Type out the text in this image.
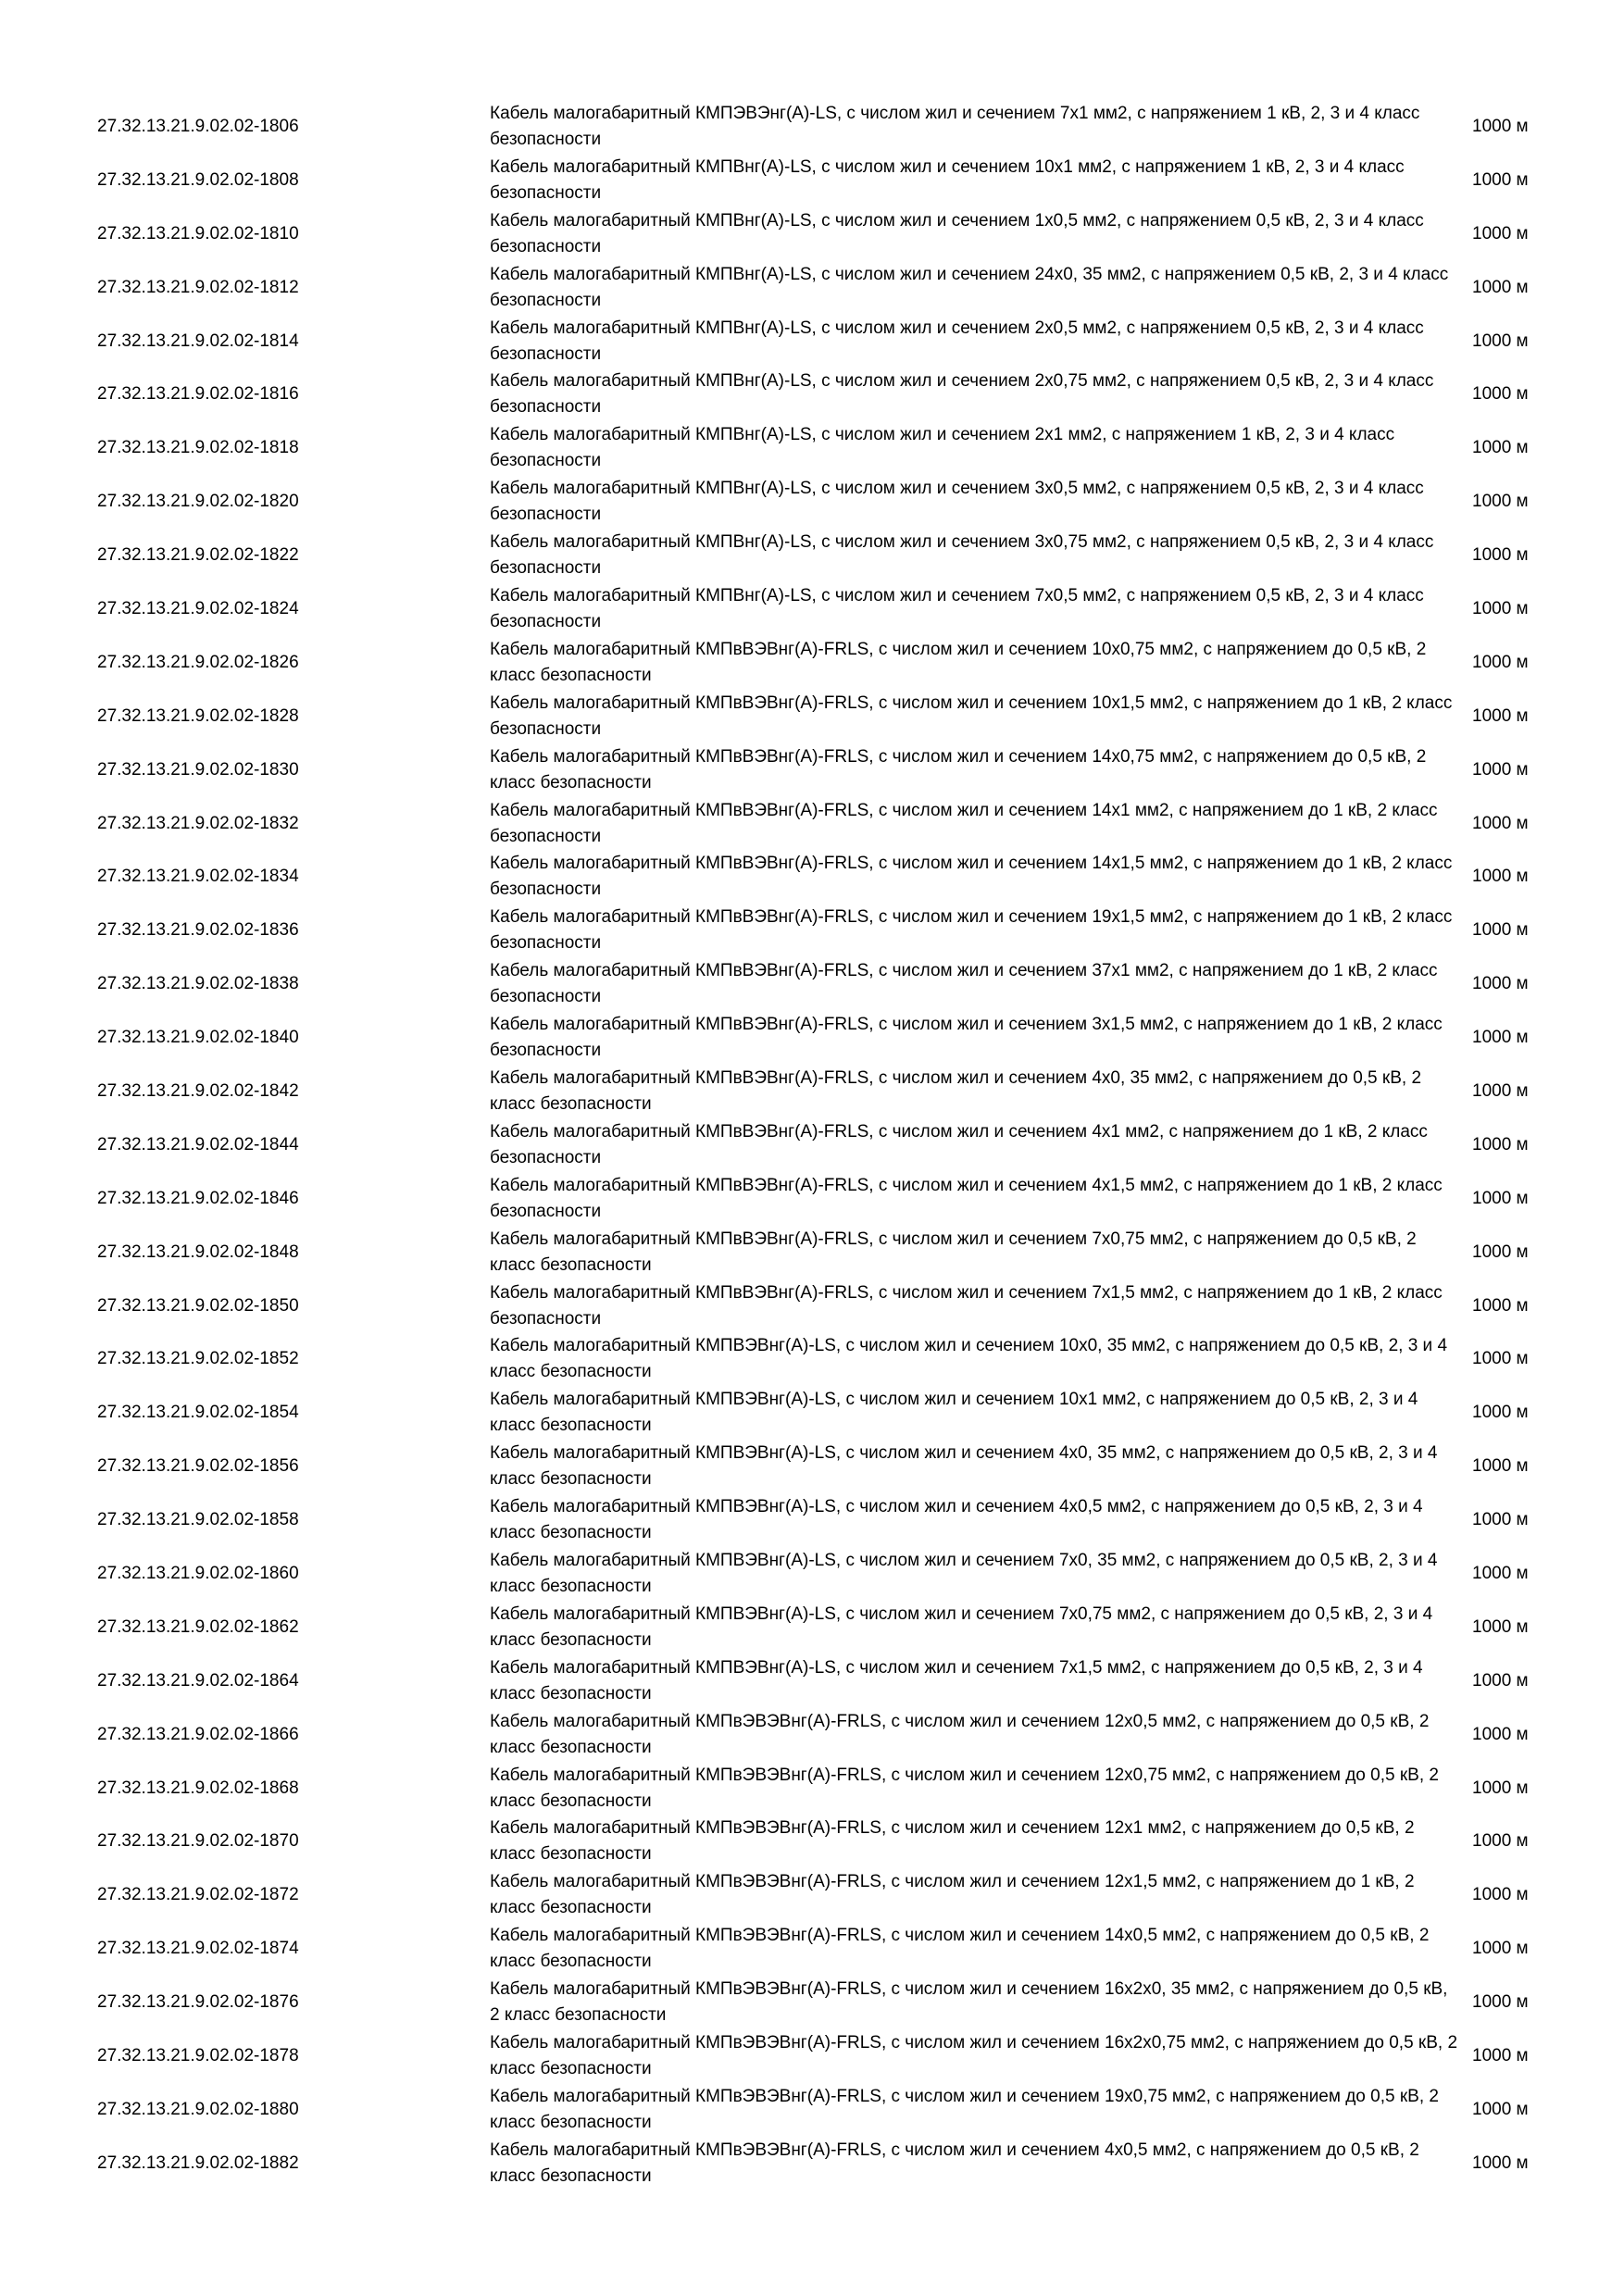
27.32.13.21.9.02.02-1806	Кабель малогабаритный КМПЭВЭнг(А)-LS, с числом жил и сечением 7х1 мм2, с напряжением 1 кВ, 2, 3 и 4 класс безопасности	1000 м
27.32.13.21.9.02.02-1808	Кабель малогабаритный КМПВнг(А)-LS, с числом жил и сечением 10х1 мм2, с напряжением 1 кВ, 2, 3 и 4 класс безопасности	1000 м
27.32.13.21.9.02.02-1810	Кабель малогабаритный КМПВнг(А)-LS, с числом жил и сечением 1х0,5 мм2, с напряжением 0,5 кВ, 2, 3 и 4 класс безопасности	1000 м
27.32.13.21.9.02.02-1812	Кабель малогабаритный КМПВнг(А)-LS, с числом жил и сечением 24х0, 35 мм2, с напряжением 0,5 кВ, 2, 3 и 4 класс безопасности	1000 м
27.32.13.21.9.02.02-1814	Кабель малогабаритный КМПВнг(А)-LS, с числом жил и сечением 2х0,5 мм2, с напряжением 0,5 кВ, 2, 3 и 4 класс безопасности	1000 м
27.32.13.21.9.02.02-1816	Кабель малогабаритный КМПВнг(А)-LS, с числом жил и сечением 2х0,75 мм2, с напряжением 0,5 кВ, 2, 3 и 4 класс безопасности	1000 м
27.32.13.21.9.02.02-1818	Кабель малогабаритный КМПВнг(А)-LS, с числом жил и сечением 2х1 мм2, с напряжением 1 кВ, 2, 3 и 4 класс безопасности	1000 м
27.32.13.21.9.02.02-1820	Кабель малогабаритный КМПВнг(А)-LS, с числом жил и сечением 3х0,5 мм2, с напряжением 0,5 кВ, 2, 3 и 4 класс безопасности	1000 м
27.32.13.21.9.02.02-1822	Кабель малогабаритный КМПВнг(А)-LS, с числом жил и сечением 3х0,75 мм2, с напряжением 0,5 кВ, 2, 3 и 4 класс безопасности	1000 м
27.32.13.21.9.02.02-1824	Кабель малогабаритный КМПВнг(А)-LS, с числом жил и сечением 7х0,5 мм2, с напряжением 0,5 кВ, 2, 3 и 4 класс безопасности	1000 м
27.32.13.21.9.02.02-1826	Кабель малогабаритный КМПвВЭВнг(А)-FRLS, с числом жил и сечением 10х0,75 мм2, с напряжением до 0,5 кВ, 2 класс безопасности	1000 м
27.32.13.21.9.02.02-1828	Кабель малогабаритный КМПвВЭВнг(А)-FRLS, с числом жил и сечением 10х1,5 мм2, с напряжением до 1 кВ, 2 класс безопасности	1000 м
27.32.13.21.9.02.02-1830	Кабель малогабаритный КМПвВЭВнг(А)-FRLS, с числом жил и сечением 14х0,75 мм2, с напряжением до 0,5 кВ, 2 класс безопасности	1000 м
27.32.13.21.9.02.02-1832	Кабель малогабаритный КМПвВЭВнг(А)-FRLS, с числом жил и сечением 14х1 мм2, с напряжением до 1 кВ, 2 класс безопасности	1000 м
27.32.13.21.9.02.02-1834	Кабель малогабаритный КМПвВЭВнг(А)-FRLS, с числом жил и сечением 14х1,5 мм2, с напряжением до 1 кВ, 2 класс безопасности	1000 м
27.32.13.21.9.02.02-1836	Кабель малогабаритный КМПвВЭВнг(А)-FRLS, с числом жил и сечением 19х1,5 мм2, с напряжением до 1 кВ, 2 класс безопасности	1000 м
27.32.13.21.9.02.02-1838	Кабель малогабаритный КМПвВЭВнг(А)-FRLS, с числом жил и сечением 37х1 мм2, с напряжением до 1 кВ, 2 класс безопасности	1000 м
27.32.13.21.9.02.02-1840	Кабель малогабаритный КМПвВЭВнг(А)-FRLS, с числом жил и сечением 3х1,5 мм2, с напряжением до 1 кВ, 2 класс безопасности	1000 м
27.32.13.21.9.02.02-1842	Кабель малогабаритный КМПвВЭВнг(А)-FRLS, с числом жил и сечением 4х0, 35 мм2, с напряжением до 0,5 кВ, 2 класс безопасности	1000 м
27.32.13.21.9.02.02-1844	Кабель малогабаритный КМПвВЭВнг(А)-FRLS, с числом жил и сечением 4х1 мм2, с напряжением до 1 кВ, 2 класс безопасности	1000 м
27.32.13.21.9.02.02-1846	Кабель малогабаритный КМПвВЭВнг(А)-FRLS, с числом жил и сечением 4х1,5 мм2, с напряжением до 1 кВ, 2 класс безопасности	1000 м
27.32.13.21.9.02.02-1848	Кабель малогабаритный КМПвВЭВнг(А)-FRLS, с числом жил и сечением 7х0,75 мм2, с напряжением до 0,5 кВ, 2 класс безопасности	1000 м
27.32.13.21.9.02.02-1850	Кабель малогабаритный КМПвВЭВнг(А)-FRLS, с числом жил и сечением 7х1,5 мм2, с напряжением до 1 кВ, 2 класс безопасности	1000 м
27.32.13.21.9.02.02-1852	Кабель малогабаритный КМПВЭВнг(А)-LS, с числом жил и сечением 10х0, 35 мм2, с напряжением до 0,5 кВ, 2, 3 и 4 класс безопасности	1000 м
27.32.13.21.9.02.02-1854	Кабель малогабаритный КМПВЭВнг(А)-LS, с числом жил и сечением 10х1 мм2, с напряжением до 0,5 кВ, 2, 3 и 4 класс безопасности	1000 м
27.32.13.21.9.02.02-1856	Кабель малогабаритный КМПВЭВнг(А)-LS, с числом жил и сечением 4х0, 35 мм2, с напряжением до 0,5 кВ, 2, 3 и 4 класс безопасности	1000 м
27.32.13.21.9.02.02-1858	Кабель малогабаритный КМПВЭВнг(А)-LS, с числом жил и сечением 4х0,5 мм2, с напряжением до 0,5 кВ, 2, 3 и 4 класс безопасности	1000 м
27.32.13.21.9.02.02-1860	Кабель малогабаритный КМПВЭВнг(А)-LS, с числом жил и сечением 7х0, 35 мм2, с напряжением до 0,5 кВ, 2, 3 и 4 класс безопасности	1000 м
27.32.13.21.9.02.02-1862	Кабель малогабаритный КМПВЭВнг(А)-LS, с числом жил и сечением 7х0,75 мм2, с напряжением до 0,5 кВ, 2, 3 и 4 класс безопасности	1000 м
27.32.13.21.9.02.02-1864	Кабель малогабаритный КМПВЭВнг(А)-LS, с числом жил и сечением 7х1,5 мм2, с напряжением до 0,5 кВ, 2, 3 и 4 класс безопасности	1000 м
27.32.13.21.9.02.02-1866	Кабель малогабаритный КМПвЭВЭВнг(А)-FRLS, с числом жил и сечением 12х0,5 мм2, с напряжением до 0,5 кВ, 2 класс безопасности	1000 м
27.32.13.21.9.02.02-1868	Кабель малогабаритный КМПвЭВЭВнг(А)-FRLS, с числом жил и сечением 12х0,75 мм2, с напряжением до 0,5 кВ, 2 класс безопасности	1000 м
27.32.13.21.9.02.02-1870	Кабель малогабаритный КМПвЭВЭВнг(А)-FRLS, с числом жил и сечением 12х1 мм2, с напряжением до 0,5 кВ, 2 класс безопасности	1000 м
27.32.13.21.9.02.02-1872	Кабель малогабаритный КМПвЭВЭВнг(А)-FRLS, с числом жил и сечением 12х1,5 мм2, с напряжением до 1 кВ, 2 класс безопасности	1000 м
27.32.13.21.9.02.02-1874	Кабель малогабаритный КМПвЭВЭВнг(А)-FRLS, с числом жил и сечением 14х0,5 мм2, с напряжением до 0,5 кВ, 2 класс безопасности	1000 м
27.32.13.21.9.02.02-1876	Кабель малогабаритный КМПвЭВЭВнг(А)-FRLS, с числом жил и сечением 16х2х0, 35 мм2, с напряжением до 0,5 кВ, 2 класс безопасности	1000 м
27.32.13.21.9.02.02-1878	Кабель малогабаритный КМПвЭВЭВнг(А)-FRLS, с числом жил и сечением 16х2х0,75 мм2, с напряжением до 0,5 кВ, 2 класс безопасности	1000 м
27.32.13.21.9.02.02-1880	Кабель малогабаритный КМПвЭВЭВнг(А)-FRLS, с числом жил и сечением 19х0,75 мм2, с напряжением до 0,5 кВ, 2 класс безопасности	1000 м
27.32.13.21.9.02.02-1882	Кабель малогабаритный КМПвЭВЭВнг(А)-FRLS, с числом жил и сечением 4х0,5 мм2, с напряжением до 0,5 кВ, 2 класс безопасности	1000 м
